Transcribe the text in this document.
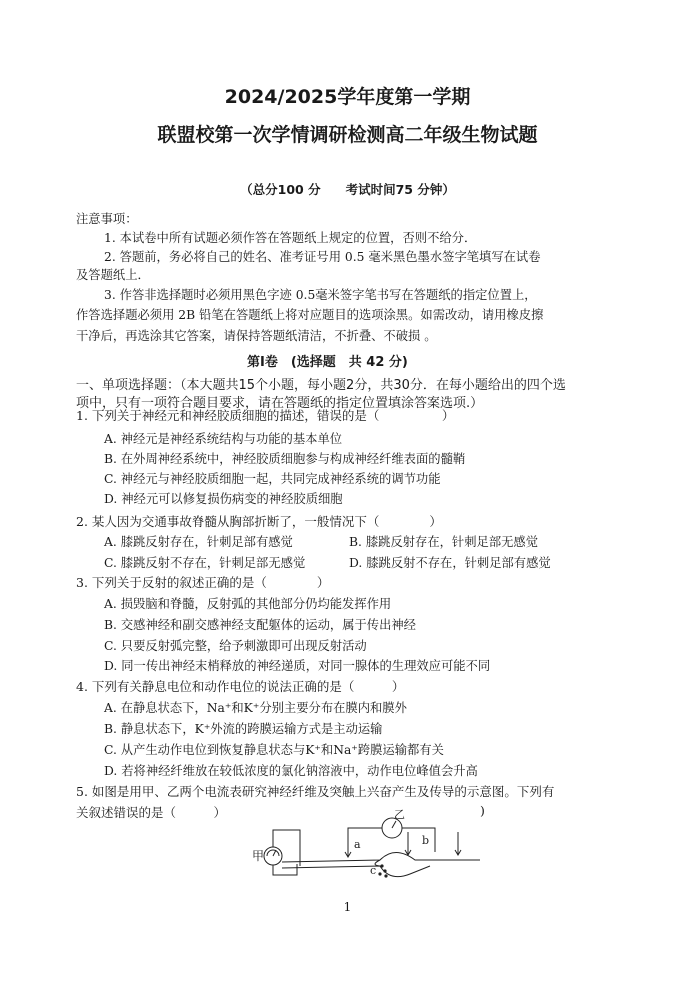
2024/2025学年度第一学期
联盟校第一次学情调研检测高二年级生物试题
（总分100 分　　考试时间75 分钟）
注意事项：
1. 本试卷中所有试题必须作答在答题纸上规定的位置，否则不给分．
2. 答题前，务必将自己的姓名、准考证号用 0.5 毫米黑色墨水签字笔填写在试卷
及答题纸上．
3. 作答非选择题时必须用黑色字迹 0.5毫米签字笔书写在答题纸的指定位置上，
作答选择题必须用 2B 铅笔在答题纸上将对应题目的选项涂黑。如需改动，请用橡皮擦
干净后，再选涂其它答案，请保持答题纸清洁，不折叠、不破损 。
第Ⅰ卷　(选择题　共 42 分)
一、单项选择题：（本大题共15个小题，每小题2分，共30分．在每小题给出的四个选
项中，只有一项符合题目要求，请在答题纸的指定位置填涂答案选项.）
1. 下列关于神经元和神经胶质细胞的描述，错误的是（　　　　　）
A. 神经元是神经系统结构与功能的基本单位
B. 在外周神经系统中，神经胶质细胞参与构成神经纤维表面的髓鞘
C. 神经元与神经胶质细胞一起，共同完成神经系统的调节功能
D. 神经元可以修复损伤病变的神经胶质细胞
2. 某人因为交通事故脊髓从胸部折断了，一般情况下（　　　　）
A. 膝跳反射存在，针刺足部有感觉	B. 膝跳反射存在，针刺足部无感觉
C. 膝跳反射不存在，针刺足部无感觉	D. 膝跳反射不存在，针刺足部有感觉
3. 下列关于反射的叙述正确的是（　　　　）
A. 损毁脑和脊髓，反射弧的其他部分仍均能发挥作用
B. 交感神经和副交感神经支配躯体的运动，属于传出神经
C. 只要反射弧完整，给予刺激即可出现反射活动
D. 同一传出神经末梢释放的神经递质，对同一腺体的生理效应可能不同
4. 下列有关静息电位和动作电位的说法正确的是（　　　）
A. 在静息状态下，Na⁺和K⁺分别主要分布在膜内和膜外
B. 静息状态下，K⁺外流的跨膜运输方式是主动运输
C. 从产生动作电位到恢复静息状态与K⁺和Na⁺跨膜运输都有关
D. 若将神经纤维放在较低浓度的氯化钠溶液中，动作电位峰值会升高
5. 如图是用甲、乙两个电流表研究神经纤维及突触上兴奋产生及传导的示意图。下列有
关叙述错误的是（　　　）	)
甲
乙
a	b
c
1
